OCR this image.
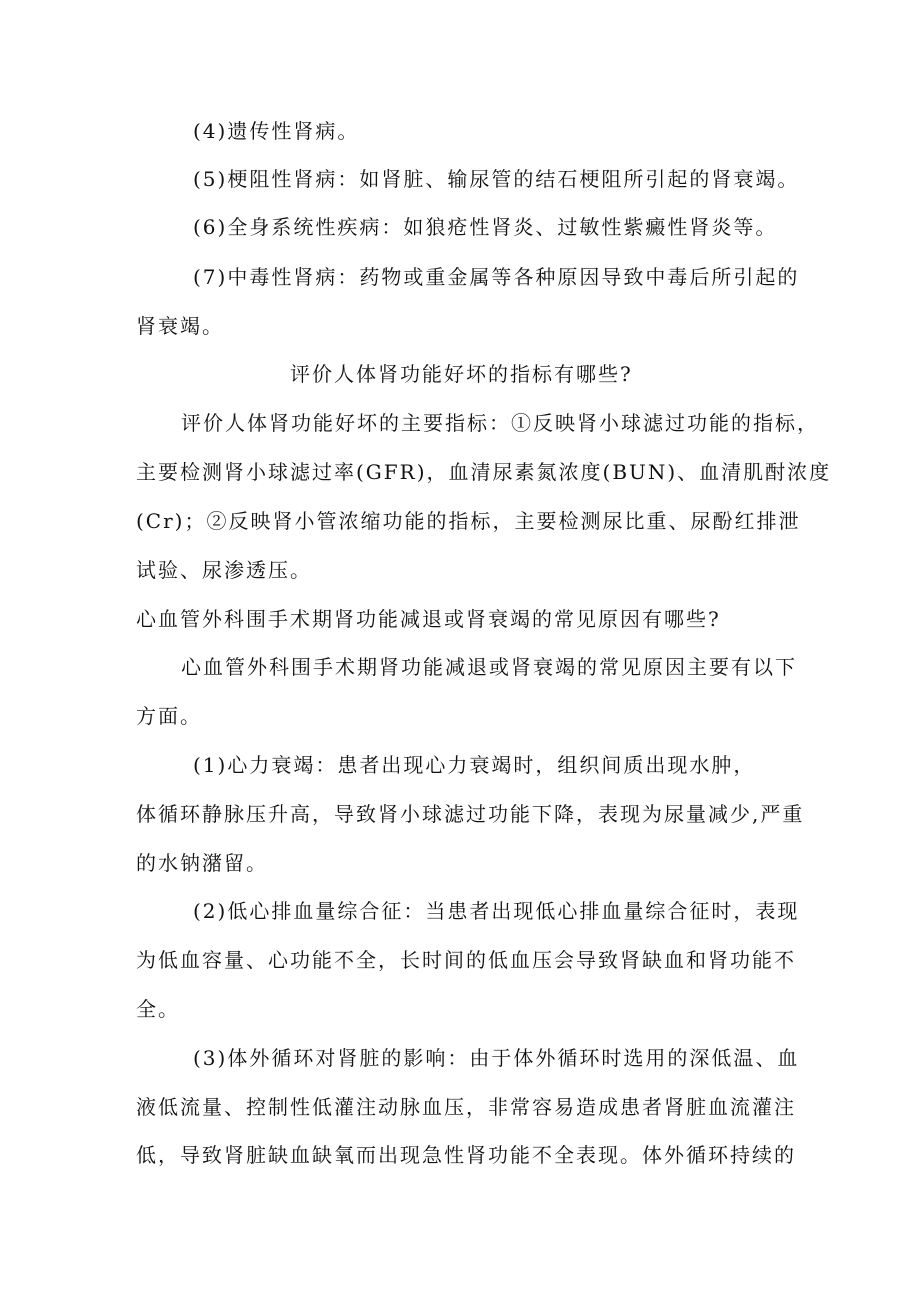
(4)遗传性肾病。
(5)梗阻性肾病：如肾脏、输尿管的结石梗阻所引起的肾衰竭。
(6)全身系统性疾病：如狼疮性肾炎、过敏性紫癜性肾炎等。
(7)中毒性肾病：药物或重金属等各种原因导致中毒后所引起的
肾衰竭。
评价人体肾功能好坏的指标有哪些?
评价人体肾功能好坏的主要指标：①反映肾小球滤过功能的指标，
主要检测肾小球滤过率(GFR)，血清尿素氮浓度(BUN)、血清肌酎浓度
(Cr)；②反映肾小管浓缩功能的指标，主要检测尿比重、尿酚红排泄
试验、尿渗透压。
心血管外科围手术期肾功能减退或肾衰竭的常见原因有哪些?
心血管外科围手术期肾功能减退或肾衰竭的常见原因主要有以下
方面。
(1)心力衰竭：患者出现心力衰竭时，组织间质出现水肿，
体循环静脉压升高，导致肾小球滤过功能下降，表现为尿量减少,严重
的水钠潴留。
(2)低心排血量综合征：当患者出现低心排血量综合征时，表现
为低血容量、心功能不全，长时间的低血压会导致肾缺血和肾功能不
全。
(3)体外循环对肾脏的影响：由于体外循环时选用的深低温、血
液低流量、控制性低灌注动脉血压，非常容易造成患者肾脏血流灌注
低，导致肾脏缺血缺氧而出现急性肾功能不全表现。体外循环持续的
